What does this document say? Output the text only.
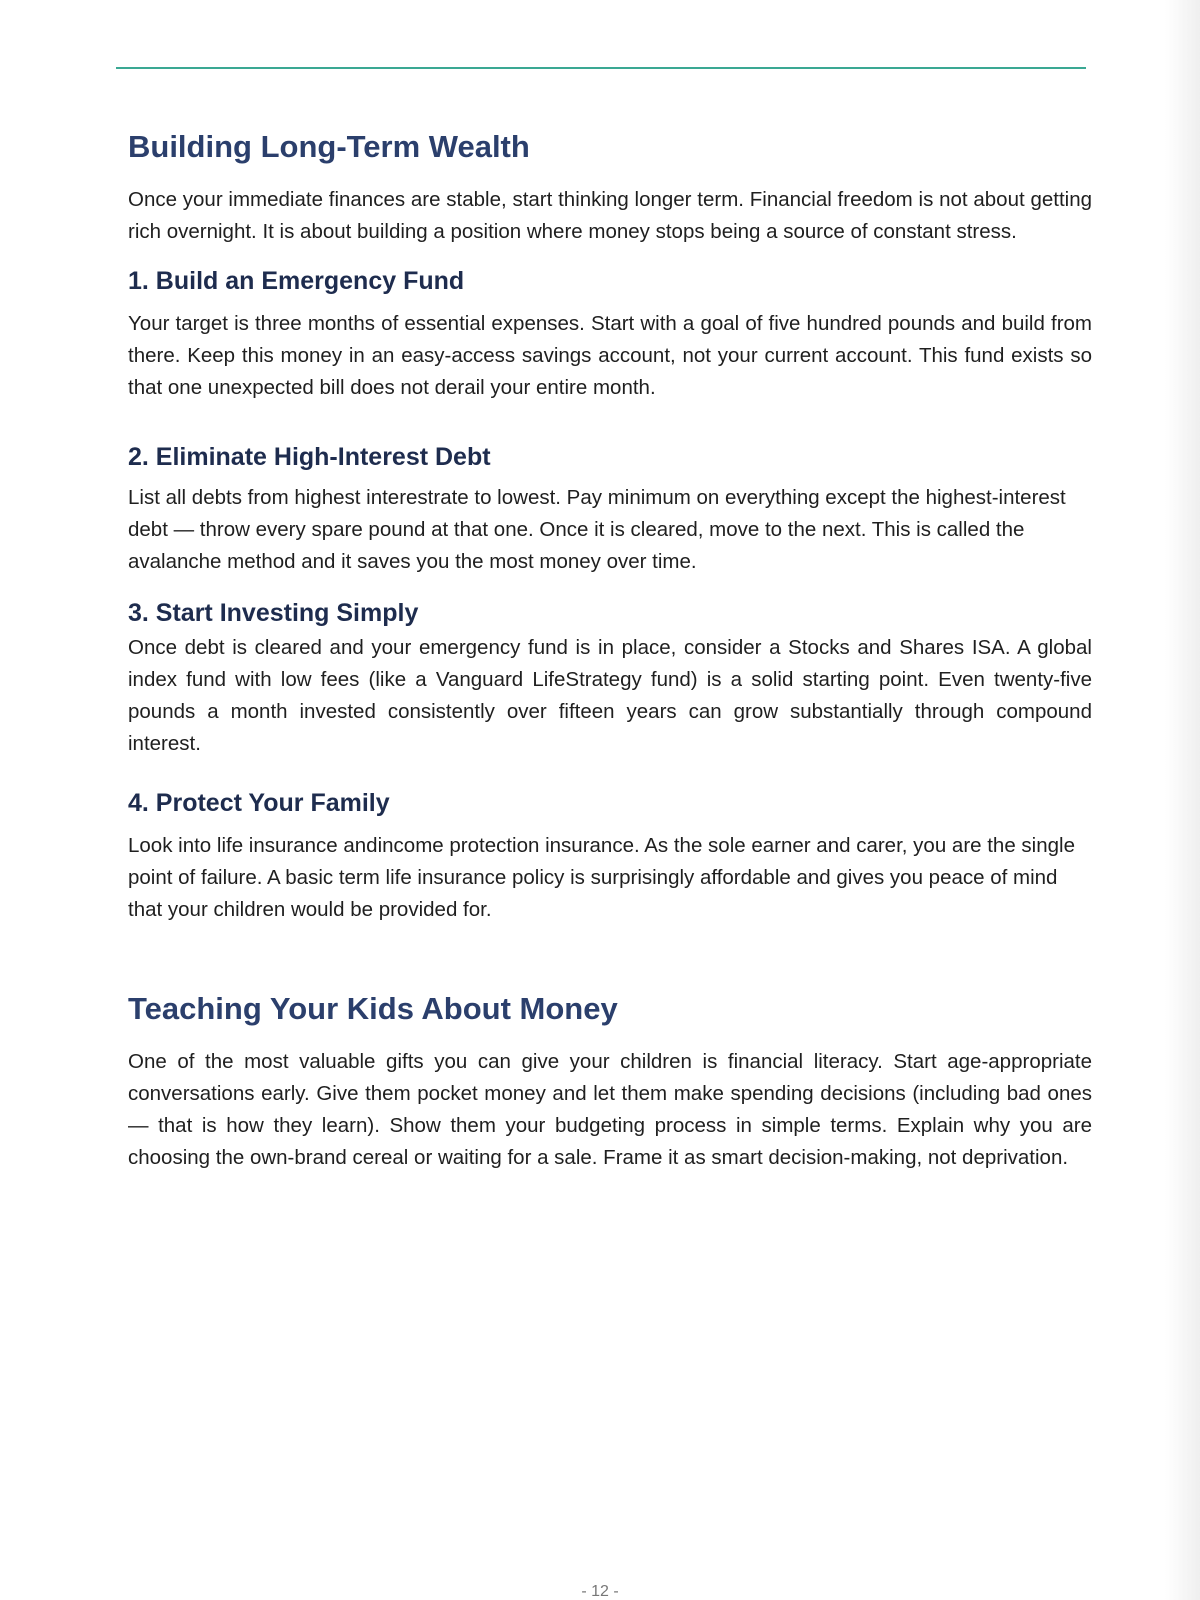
Building Long-Term Wealth

Once your immediate finances are stable, start thinking longer term. Financial freedom is not about getting rich overnight. It is about building a position where money stops being a source of constant stress.

1. Build an Emergency Fund

Your target is three months of essential expenses. Start with a goal of five hundred pounds and build from there. Keep this money in an easy-access savings account, not your current account. This fund exists so that one unexpected bill does not derail your entire month.

2. Eliminate High-Interest Debt

List all debts from highest interestrate to lowest. Pay minimum on everything except the highest-interest debt — throw every spare pound at that one. Once it is cleared, move to the next. This is called the avalanche method and it saves you the most money over time.

3. Start Investing Simply

Once debt is cleared and your emergency fund is in place, consider a Stocks and Shares ISA. A global index fund with low fees (like a Vanguard LifeStrategy fund) is a solid starting point. Even twenty-five pounds a month invested consistently over fifteen years can grow substantially through compound interest.

4. Protect Your Family

Look into life insurance andincome protection insurance. As the sole earner and carer, you are the single point of failure. A basic term life insurance policy is surprisingly affordable and gives you peace of mind that your children would be provided for.

Teaching Your Kids About Money

One of the most valuable gifts you can give your children is financial literacy. Start age-appropriate conversations early. Give them pocket money and let them make spending decisions (including bad ones — that is how they learn). Show them your budgeting process in simple terms. Explain why you are choosing the own-brand cereal or waiting for a sale. Frame it as smart decision-making, not deprivation.

- 12 -
